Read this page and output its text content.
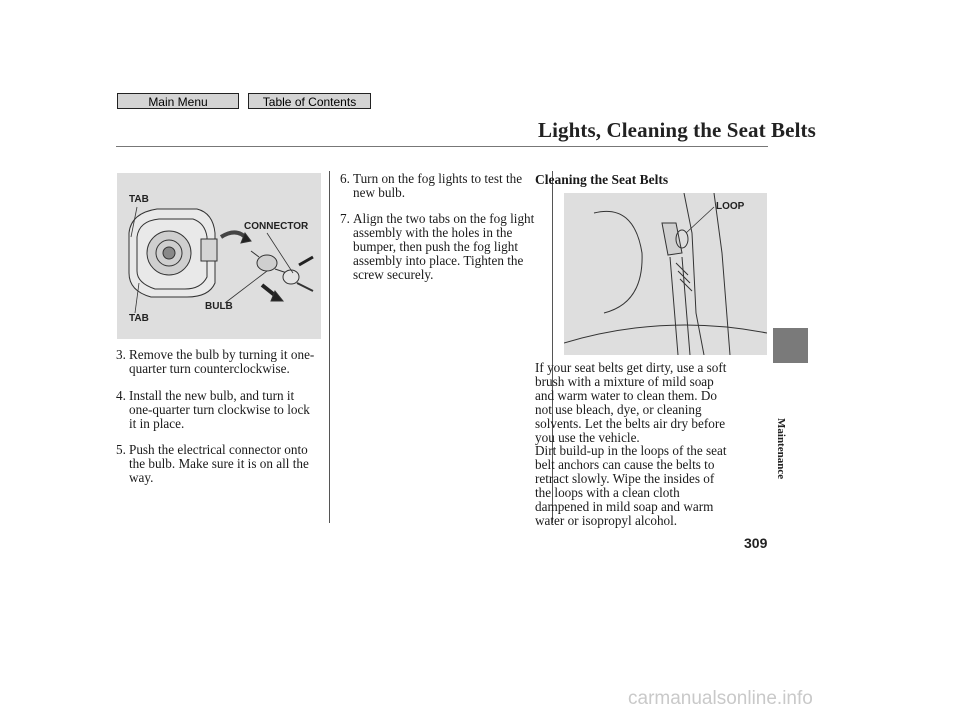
Main Menu	Table of Contents
Lights, Cleaning the Seat Belts
TAB
CONNECTOR
BULB
TAB
LOOP
3. Remove the bulb by turning it one-
quarter turn counterclockwise.
4. Install the new bulb, and turn it
one-quarter turn clockwise to lock
it in place.
5. Push the electrical connector onto
the bulb. Make sure it is on all the
way.
6. Turn on the fog lights to test the
new bulb.
7. Align the two tabs on the fog light
assembly with the holes in the
bumper, then push the fog light
assembly into place. Tighten the
screw securely.
Cleaning the Seat Belts
If your seat belts get dirty, use a soft
brush with a mixture of mild soap
and warm water to clean them. Do
not use bleach, dye, or cleaning
solvents. Let the belts air dry before
you use the vehicle.
Dirt build-up in the loops of the seat
belt anchors can cause the belts to
retract slowly. Wipe the insides of
the loops with a clean cloth
dampened in mild soap and warm
water or isopropyl alcohol.
Maintenance
309
carmanualsonline.info
